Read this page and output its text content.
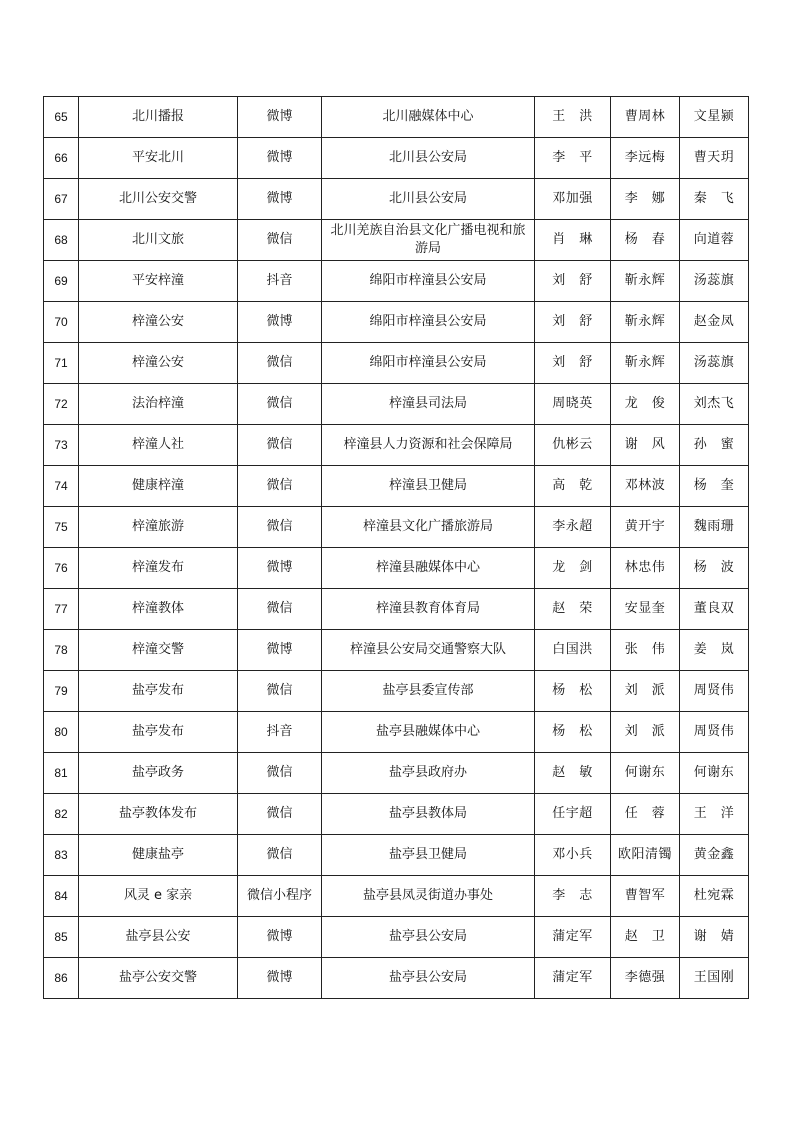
65	北川播报	微博	北川融媒体中心	王　洪	曹周林	文星颍
66	平安北川	微博	北川县公安局	李　平	李远梅	曹天玥
67	北川公安交警	微博	北川县公安局	邓加强	李　娜	秦　飞
68	北川文旅	微信	北川羌族自治县文化广播电视和旅游局	肖　琳	杨　春	向道蓉
69	平安梓潼	抖音	绵阳市梓潼县公安局	刘　舒	靳永辉	汤蕊旗
70	梓潼公安	微博	绵阳市梓潼县公安局	刘　舒	靳永辉	赵金凤
71	梓潼公安	微信	绵阳市梓潼县公安局	刘　舒	靳永辉	汤蕊旗
72	法治梓潼	微信	梓潼县司法局	周晓英	龙　俊	刘杰飞
73	梓潼人社	微信	梓潼县人力资源和社会保障局	仇彬云	谢　风	孙　蜜
74	健康梓潼	微信	梓潼县卫健局	高　乾	邓林波	杨　奎
75	梓潼旅游	微信	梓潼县文化广播旅游局	李永超	黄开宇	魏雨珊
76	梓潼发布	微博	梓潼县融媒体中心	龙　剑	林忠伟	杨　波
77	梓潼教体	微信	梓潼县教育体育局	赵　荣	安显奎	董良双
78	梓潼交警	微博	梓潼县公安局交通警察大队	白国洪	张　伟	姜　岚
79	盐亭发布	微信	盐亭县委宣传部	杨　松	刘　派	周贤伟
80	盐亭发布	抖音	盐亭县融媒体中心	杨　松	刘　派	周贤伟
81	盐亭政务	微信	盐亭县政府办	赵　敏	何谢东	何谢东
82	盐亭教体发布	微信	盐亭县教体局	任宇超	任　蓉	王　洋
83	健康盐亭	微信	盐亭县卫健局	邓小兵	欧阳清镯	黄金鑫
84	风灵 e 家亲	微信小程序	盐亭县凤灵街道办事处	李　志	曹智军	杜宛霖
85	盐亭县公安	微博	盐亭县公安局	蒲定军	赵　卫	谢　婧
86	盐亭公安交警	微博	盐亭县公安局	蒲定军	李德强	王国刚
